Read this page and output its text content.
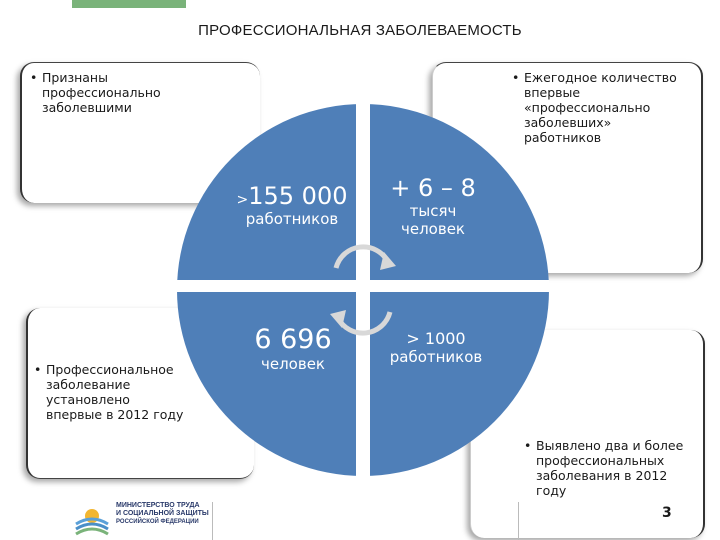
ПРОФЕССИОНАЛЬНАЯ ЗАБОЛЕВАЕМОСТЬ
• Признаны профессионально заболевшими
• Ежегодное количество впервые «профессионально заболевших» работников
• Профессиональное заболевание установлено впервые в 2012 году
• Выявлено два и более профессиональных заболевания в 2012 году
>155 000
работников
+ 6 – 8
тысяч
человек
6 696
человек
> 1000
работников
МИНИСТЕРСТВО ТРУДА
И СОЦИАЛЬНОЙ ЗАЩИТЫ
РОССИЙСКОЙ ФЕДЕРАЦИИ
3
